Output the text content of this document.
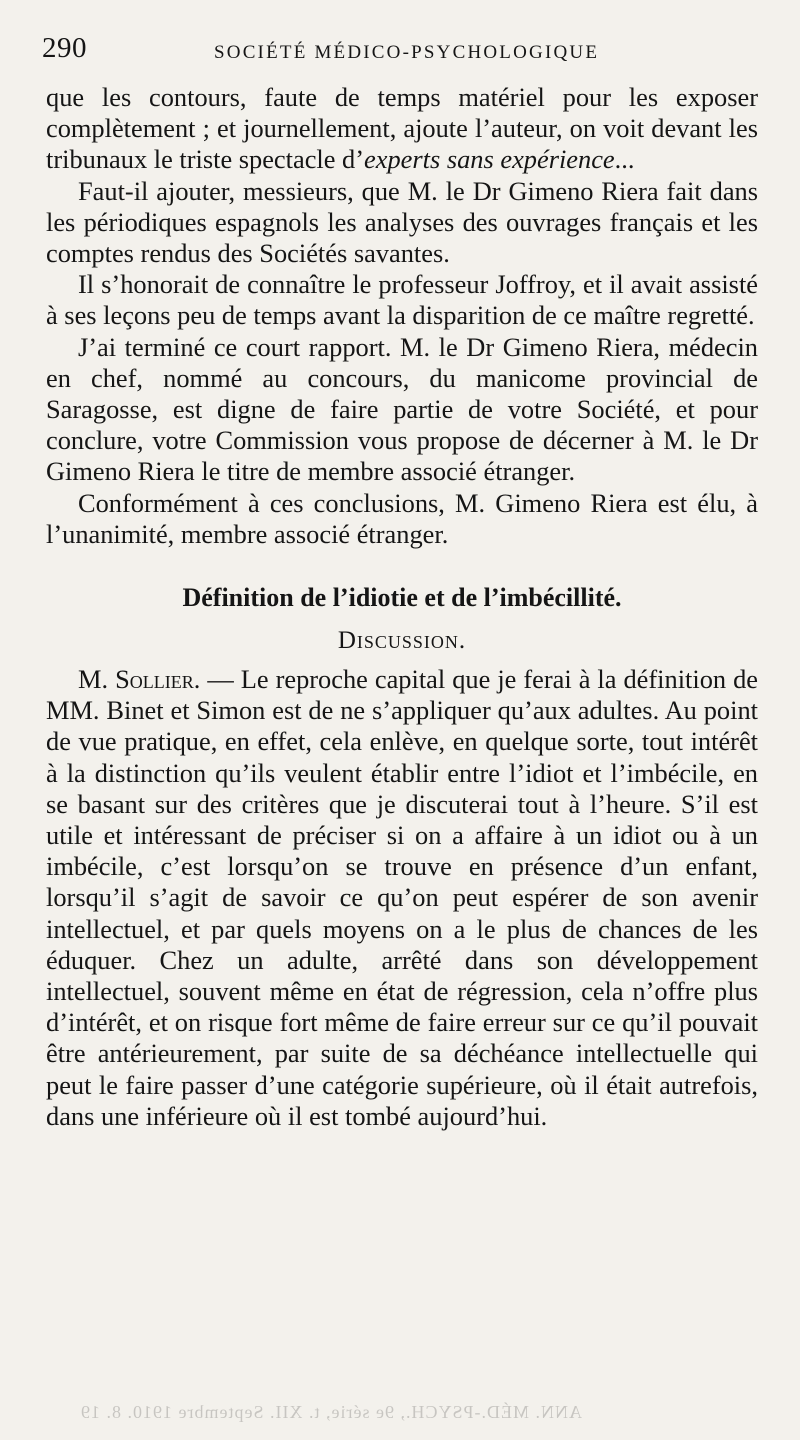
290	SOCIÉTÉ MÉDICO-PSYCHOLOGIQUE

que les contours, faute de temps matériel pour les exposer complètement ; et journellement, ajoute l’auteur, on voit devant les tribunaux le triste spectacle d’experts sans expérience...

Faut-il ajouter, messieurs, que M. le Dr Gimeno Riera fait dans les périodiques espagnols les analyses des ouvrages français et les comptes rendus des Sociétés savantes.

Il s’honorait de connaître le professeur Joffroy, et il avait assisté à ses leçons peu de temps avant la disparition de ce maître regretté.

J’ai terminé ce court rapport. M. le Dr Gimeno Riera, médecin en chef, nommé au concours, du manicome provincial de Saragosse, est digne de faire partie de votre Société, et pour conclure, votre Commission vous propose de décerner à M. le Dr Gimeno Riera le titre de membre associé étranger.

Conformément à ces conclusions, M. Gimeno Riera est élu, à l’unanimité, membre associé étranger.

Définition de l’idiotie et de l’imbécillité.
Discussion.

M. Sollier. — Le reproche capital que je ferai à la définition de MM. Binet et Simon est de ne s’appliquer qu’aux adultes. Au point de vue pratique, en effet, cela enlève, en quelque sorte, tout intérêt à la distinction qu’ils veulent établir entre l’idiot et l’imbécile, en se basant sur des critères que je discuterai tout à l’heure. S’il est utile et intéressant de préciser si on a affaire à un idiot ou à un imbécile, c’est lorsqu’on se trouve en présence d’un enfant, lorsqu’il s’agit de savoir ce qu’on peut espérer de son avenir intellectuel, et par quels moyens on a le plus de chances de les éduquer. Chez un adulte, arrêté dans son développement intellectuel, souvent même en état de régression, cela n’offre plus d’intérêt, et on risque fort même de faire erreur sur ce qu’il pouvait être antérieurement, par suite de sa déchéance intellectuelle qui peut le faire passer d’une catégorie supérieure, où il était autrefois, dans une inférieure où il est tombé aujourd’hui.

ANN. MÉD.-PSYCH., 9e série, t. XII. Septembre 1910. 8. 19
